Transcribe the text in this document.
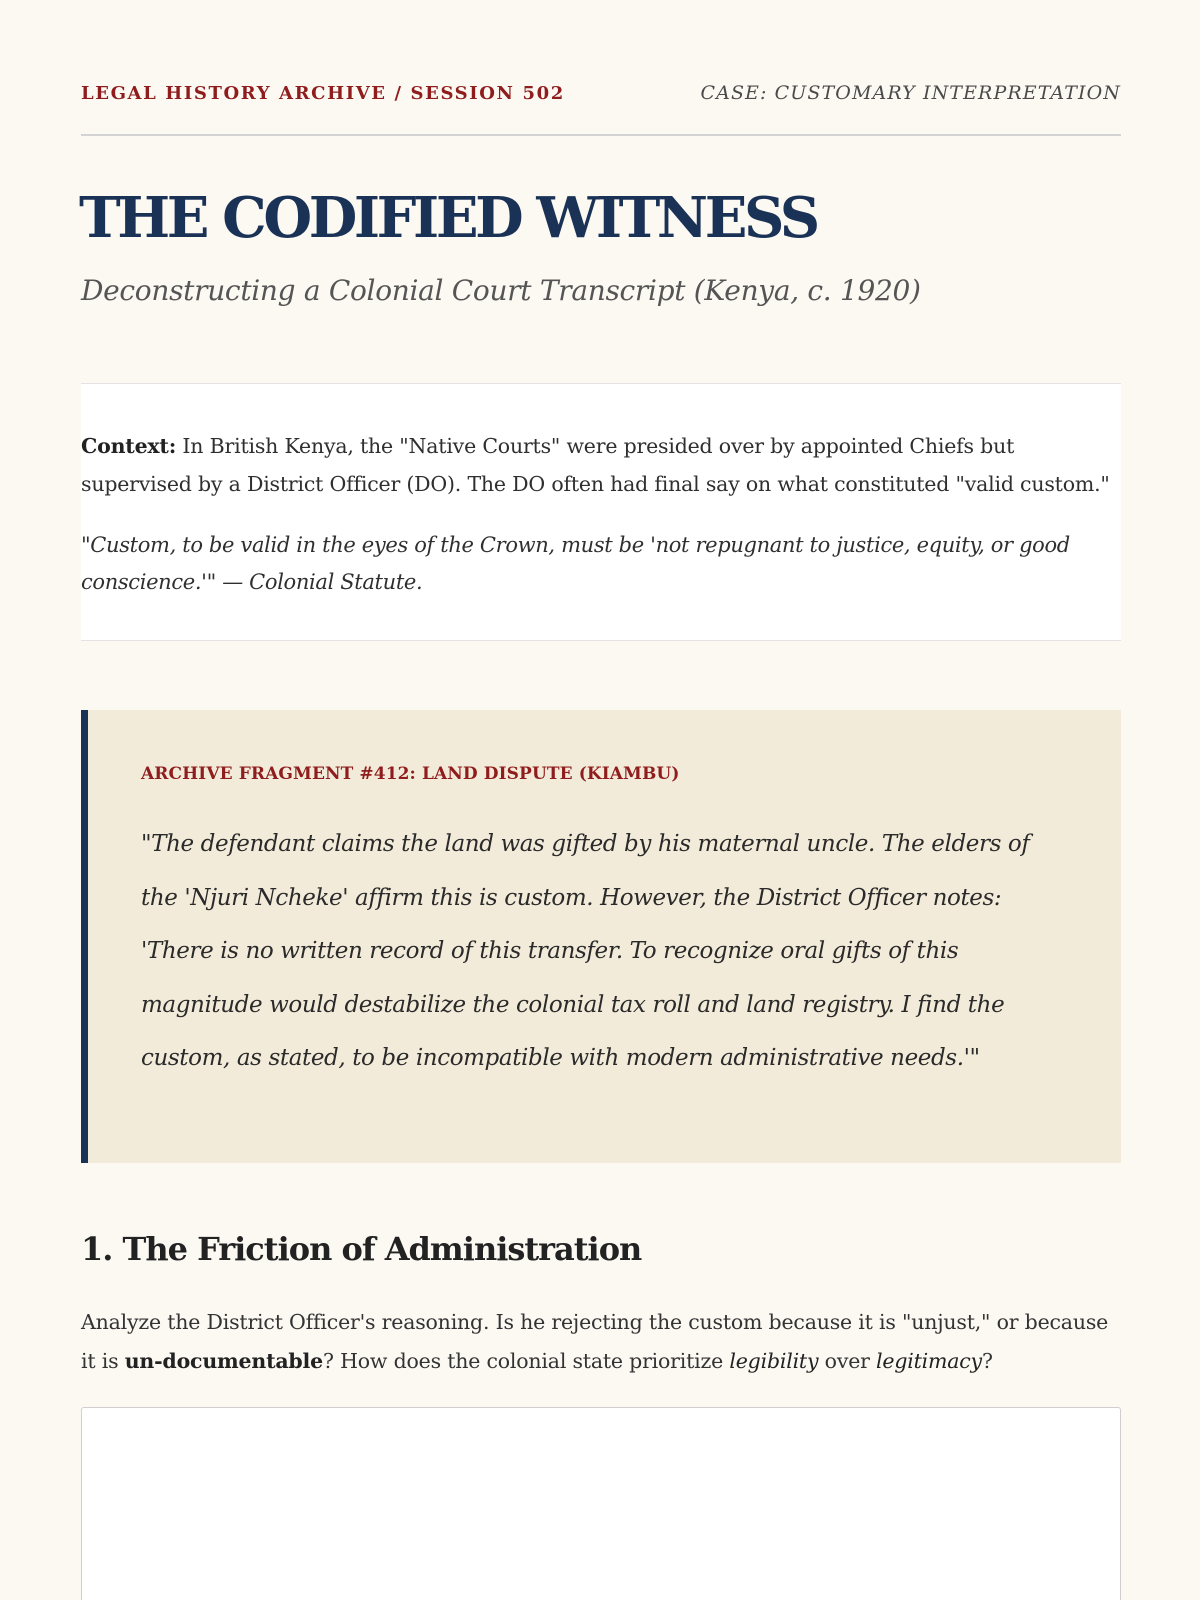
LEGAL HISTORY ARCHIVE / SESSION 502	CASE: CUSTOMARY INTERPRETATION
THE CODIFIED WITNESS
Deconstructing a Colonial Court Transcript (Kenya, c. 1920)

Context: In British Kenya, the "Native Courts" were presided over by appointed Chiefs but supervised by a District Officer (DO). The DO often had final say on what constituted "valid custom."

"Custom, to be valid in the eyes of the Crown, must be 'not repugnant to justice, equity, or good conscience.'" — Colonial Statute.

ARCHIVE FRAGMENT #412: LAND DISPUTE (KIAMBU)

"The defendant claims the land was gifted by his maternal uncle. The elders of the 'Njuri Ncheke' affirm this is custom. However, the District Officer notes: 'There is no written record of this transfer. To recognize oral gifts of this magnitude would destabilize the colonial tax roll and land registry. I find the custom, as stated, to be incompatible with modern administrative needs.'"

1. The Friction of Administration

Analyze the District Officer's reasoning. Is he rejecting the custom because it is "unjust," or because it is un-documentable? How does the colonial state prioritize legibility over legitimacy?
